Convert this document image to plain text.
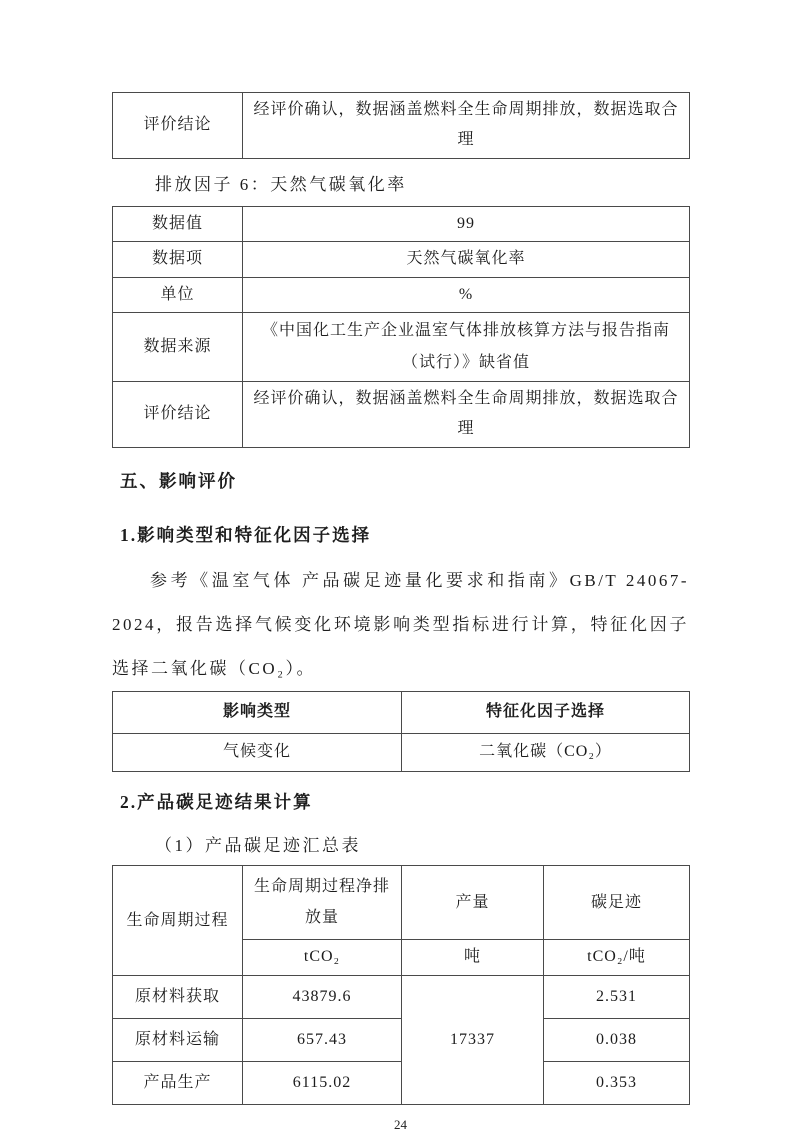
评价结论	经评价确认，数据涵盖燃料全生命周期排放，数据选取合理

排放因子 6：天然气碳氧化率

数据值	99
数据项	天然气碳氧化率
单位	%
数据来源	《中国化工生产企业温室气体排放核算方法与报告指南（试行）》缺省值
评价结论	经评价确认，数据涵盖燃料全生命周期排放，数据选取合理
五、影响评价
1.影响类型和特征化因子选择

参考《温室气体 产品碳足迹量化要求和指南》GB/T 24067-2024，报告选择气候变化环境影响类型指标进行计算，特征化因子选择二氧化碳（CO₂）。

影响类型	特征化因子选择
气候变化	二氧化碳（CO₂）
2.产品碳足迹结果计算

（1）产品碳足迹汇总表

生命周期过程	生命周期过程净排放量	产量	碳足迹
	tCO₂	吨	tCO₂/吨
原材料获取	43879.6	17337	2.531
原材料运输	657.43		0.038
产品生产	6115.02		0.353
24
